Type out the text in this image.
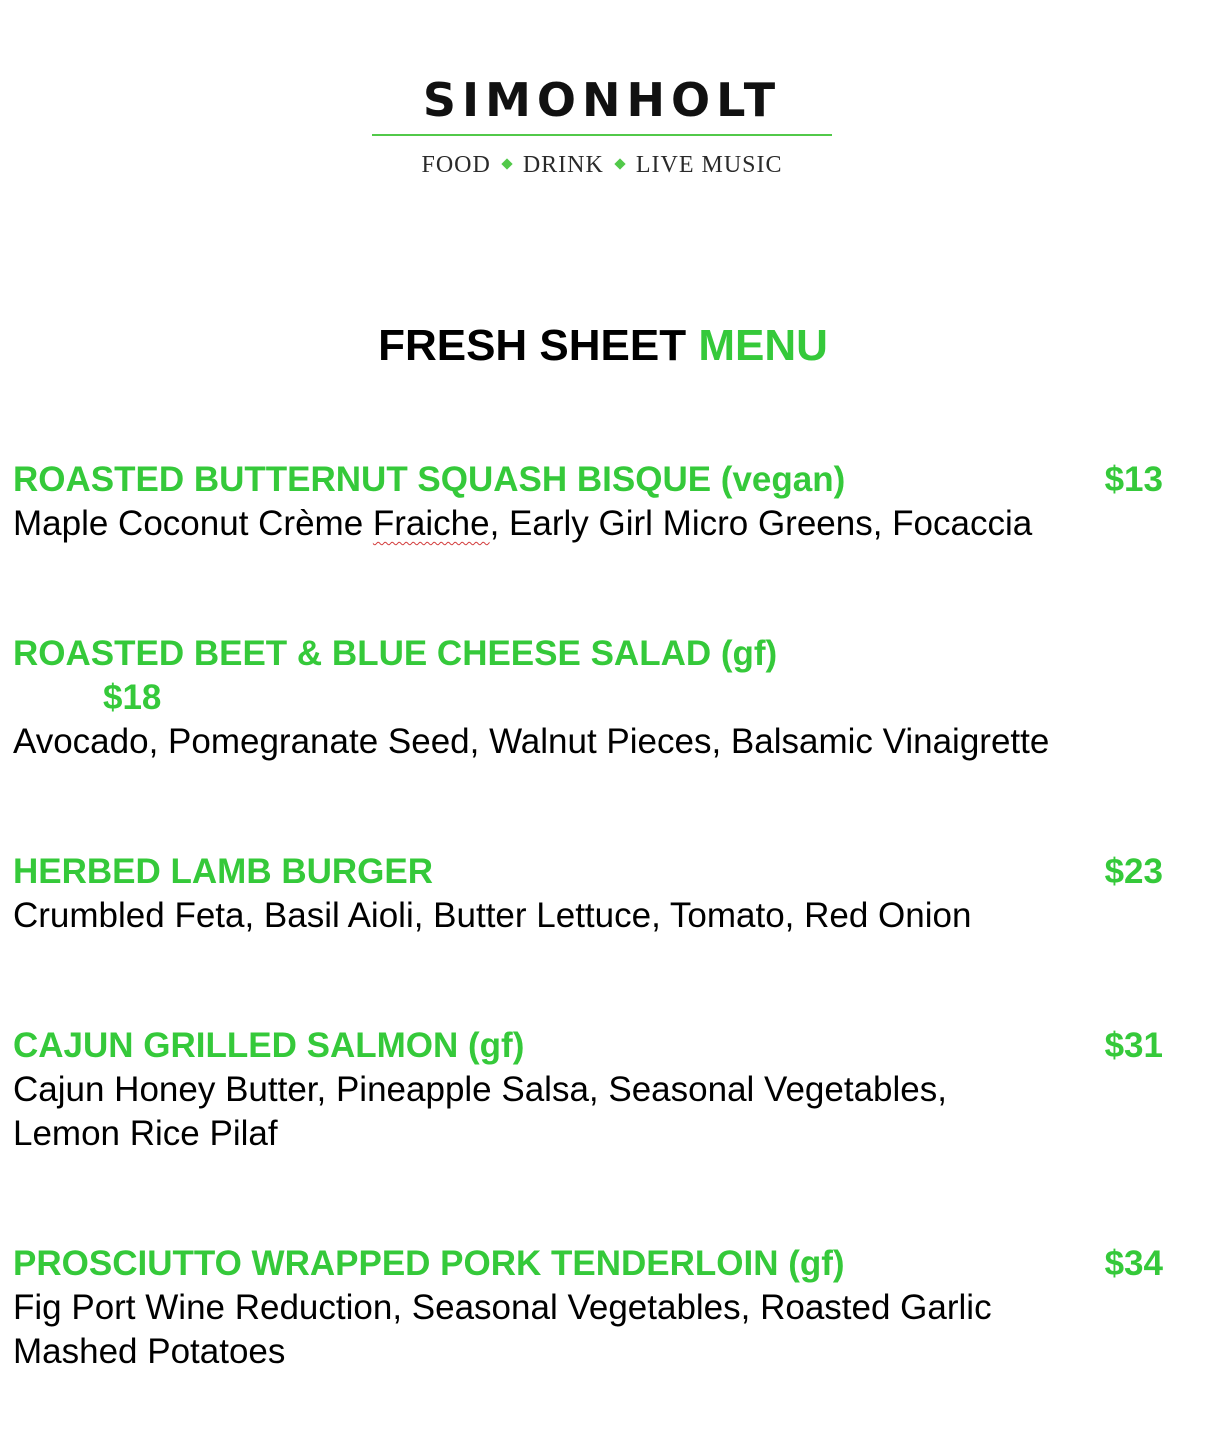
SIMONHOLT
FOOD DRINK LIVE MUSIC
FRESH SHEET MENU
ROASTED BUTTERNUT SQUASH BISQUE (vegan)	$13
Maple Coconut Crème Fraiche, Early Girl Micro Greens, Focaccia
ROASTED BEET & BLUE CHEESE SALAD (gf)
$18
Avocado, Pomegranate Seed, Walnut Pieces, Balsamic Vinaigrette
HERBED LAMB BURGER	$23
Crumbled Feta, Basil Aioli, Butter Lettuce, Tomato, Red Onion
CAJUN GRILLED SALMON (gf)	$31
Cajun Honey Butter, Pineapple Salsa, Seasonal Vegetables, Lemon Rice Pilaf
PROSCIUTTO WRAPPED PORK TENDERLOIN (gf)	$34
Fig Port Wine Reduction, Seasonal Vegetables, Roasted Garlic Mashed Potatoes
